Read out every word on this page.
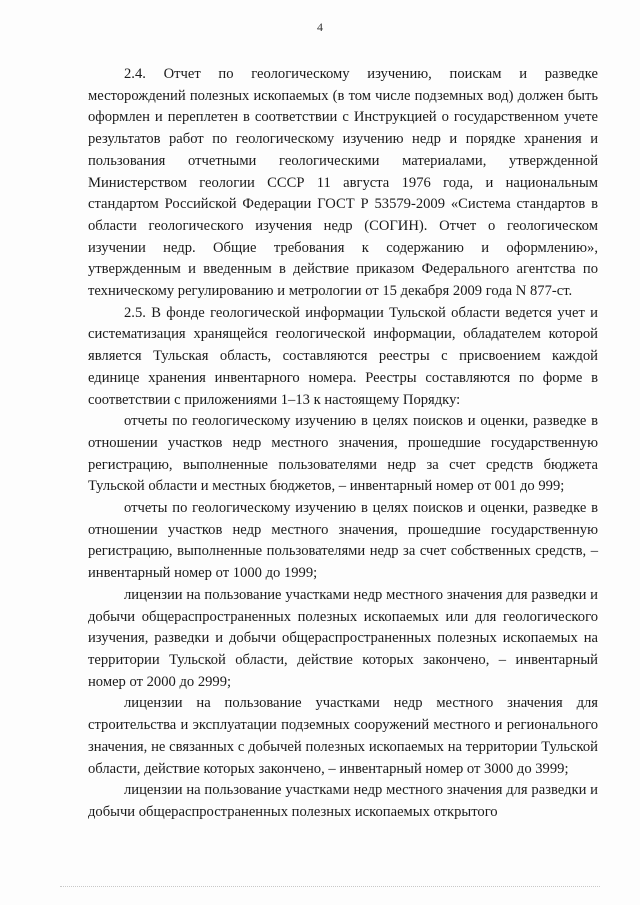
4

2.4. Отчет по геологическому изучению, поискам и разведке месторождений полезных ископаемых (в том числе подземных вод) должен быть оформлен и переплетен в соответствии с Инструкцией о государственном учете результатов работ по геологическому изучению недр и порядке хранения и пользования отчетными геологическими материалами, утвержденной Министерством геологии СССР 11 августа 1976 года, и национальным стандартом Российской Федерации ГОСТ Р 53579-2009 «Система стандартов в области геологического изучения недр (СОГИН). Отчет о геологическом изучении недр. Общие требования к содержанию и оформлению», утвержденным и введенным в действие приказом Федерального агентства по техническому регулированию и метрологии от 15 декабря 2009 года N 877-ст.

2.5. В фонде геологической информации Тульской области ведется учет и систематизация хранящейся геологической информации, обладателем которой является Тульская область, составляются реестры с присвоением каждой единице хранения инвентарного номера. Реестры составляются по форме в соответствии с приложениями 1–13 к настоящему Порядку:

отчеты по геологическому изучению в целях поисков и оценки, разведке в отношении участков недр местного значения, прошедшие государственную регистрацию, выполненные пользователями недр за счет средств бюджета Тульской области и местных бюджетов, – инвентарный номер от 001 до 999;

отчеты по геологическому изучению в целях поисков и оценки, разведке в отношении участков недр местного значения, прошедшие государственную регистрацию, выполненные пользователями недр за счет собственных средств, – инвентарный номер от 1000 до 1999;

лицензии на пользование участками недр местного значения для разведки и добычи общераспространенных полезных ископаемых или для геологического изучения, разведки и добычи общераспространенных полезных ископаемых на территории Тульской области, действие которых закончено, – инвентарный номер от 2000 до 2999;

лицензии на пользование участками недр местного значения для строительства и эксплуатации подземных сооружений местного и регионального значения, не связанных с добычей полезных ископаемых на территории Тульской области, действие которых закончено, – инвентарный номер от 3000 до 3999;

лицензии на пользование участками недр местного значения для разведки и добычи общераспространенных полезных ископаемых открытого
